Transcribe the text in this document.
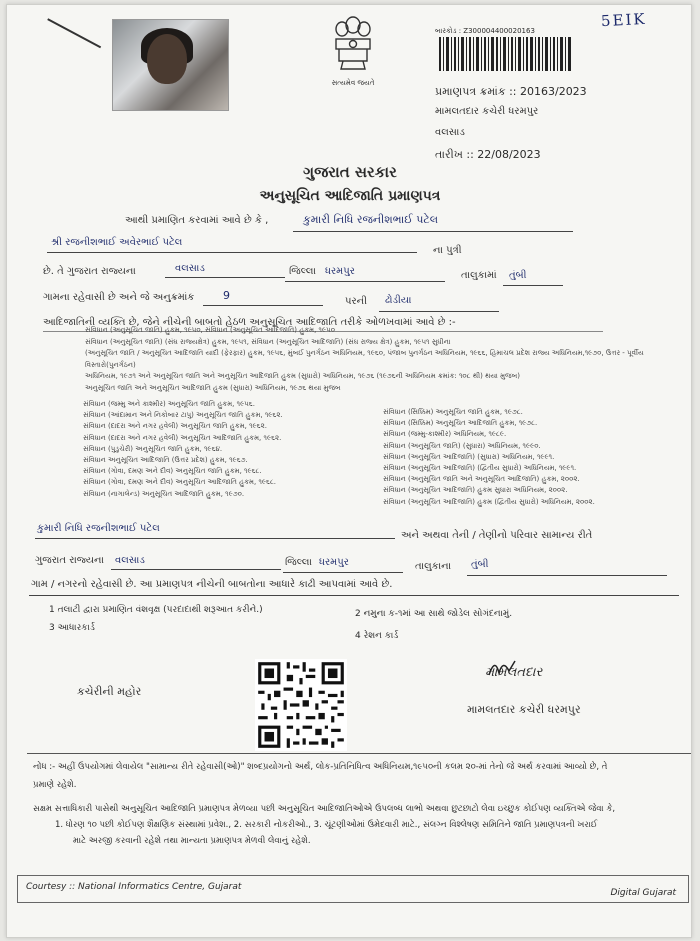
5EIK
સત્યમેવ જયતે
બારકોડ : Z300004400020163
પ્રમાણપત્ર ક્રમાંક :: 20163/2023
મામલતદાર કચેરી ધરમપુર
વલસાડ
તારીખ :: 22/08/2023
ગુજરાત સરકાર
અનુસૂચિત આદિજાતિ પ્રમાણપત્ર
આથી પ્રમાણિત કરવામાં આવે છે કે ,	કુમારી નિધિ રજનીશભાઈ પટેલ
શ્રી રજનીશભાઈ અવેરભાઈ પટેલ
ના પુત્રી
છે. તે ગુજરાત રાજ્યના	વલસાડ	જિલ્લા ધરમપુર	તાલુકામાં તુંબી
ગામના રહેવાસી છે અને જે અનુક્રમાંક	9	પરની ઢોડીયા
આદિજાતિની વ્યક્તિ છે, જેને નીચેની બાબતો હેઠળ અનુસૂચિત આદિજાતિ તરીકે ઓળખવામાં આવે છે :-
સંવિધાન (અનુસૂચિત જાતિ) હુકમ, ૧૯૫૦, સંવિધાન (અનુસૂચિત આદિજાતિ) હુકમ, ૧૯૫૦
સંવિધાન (અનુસૂચિત જાતિ) (સંઘ રાજ્યક્ષેત્ર) હુકમ, ૧૯૫૧, સંવિધાન (અનુસૂચિત આદિજાતિ) (સંઘ રાજ્ય ક્ષેત્ર) હુકમ, ૧૯૫૧ સુધીના
(અનુસૂચિત જાતિ / અનુસૂચિત આદિજાતિ યાદી (ફેરફાર) હુકમ, ૧૯૫૬, મુંબઈ પુનર્ગઠન અધિનિયમ, ૧૯૬૦, પંજાબ પુનર્ગઠન અધિનિયમ, ૧૯૬૬, હિમાચલ પ્રદેશ રાજ્ય અધિનિયમ,૧૯૭૦, ઉત્તર - પૂર્વીય વિસ્તારો(પુનર્ગઠન)
અધિનિયમ, ૧૯૭૧ અને અનુસૂચિત જાતિ અને અનુસૂચિત આદિજાતિ હુકમ (સુધારો) અધિનિયમ, ૧૯૭૬ (૧૯૭૬ની અધિનિયમ ક્રમાંક: ૧૦૮ થી) થયા મુજબ)
અનુસૂચિત જાતિ અને અનુસૂચિત આદિજાતિ હુકમ (સુધારા) અધિનિયમ, ૧૯૭૬ થયા મુજબ
સંવિધાન (જમ્મુ અને કાશ્મીર) અનુસૂચિત જાતિ હુકમ, ૧૯૫૬.
સંવિધાન (આંદામાન અને નિકોબાર ટાપુ) અનુસૂચિત જાતિ હુકમ, ૧૯૬૨.
સંવિધાન (દાદરા અને નગર હવેલી) અનુસૂચિત જાતિ હુકમ, ૧૯૬૨.
સંવિધાન (દાદરા અને નગર હવેલી) અનુસૂચિત આદિજાતિ હુકમ, ૧૯૬૨.
સંવિધાન (પુડુચેરી) અનુસૂચિત જાતિ હુકમ, ૧૯૬૪.
સંવિધાન અનુસૂચિત આદિજાતિ (ઉત્તર પ્રદેશ) હુકમ, ૧૯૬૭.
સંવિધાન (ગોવા, દમણ અને દીવ) અનુસૂચિત જાતિ હુકમ, ૧૯૬૮.
સંવિધાન (ગોવા, દમણ અને દીવ) અનુસૂચિત આદિજાતિ હુકમ, ૧૯૬૮.
સંવિધાન (નાગાલેન્ડ) અનુસૂચિત આદિજાતિ હુકમ, ૧૯૭૦.
સંવિધાન (સિક્કિમ) અનુસૂચિત જાતિ હુકમ, ૧૯૭૮.
સંવિધાન (સિક્કિમ) અનુસૂચિત આદિજાતિ હુકમ, ૧૯૭૮.
સંવિધાન (જમ્મુ-કાશ્મીર) અધિનિયમ, ૧૯૮૯.
સંવિધાન (અનુસૂચિત જાતિ) (સુધારા) અધિનિયમ, ૧૯૯૦.
સંવિધાન (અનુસૂચિત આદિજાતિ) (સુધારા) અધિનિયમ, ૧૯૯૧.
સંવિધાન (અનુસૂચિત આદિજાતિ) (દ્વિતીય સુધારો) અધિનિયમ, ૧૯૯૧.
સંવિધાન (અનુસૂચિત જાતિ અને અનુસૂચિત આદિજાતિ) હુકમ, ૨૦૦૨.
સંવિધાન (અનુસૂચિત આદિજાતિ) હુકમ સુધારા અધિનિયમ, ૨૦૦૨.
સંવિધાન (અનુસૂચિત આદિજાતિ) હુકમ (દ્વિતીય સુધારો) અધિનિયમ, ૨૦૦૨.
કુમારી નિધિ રજનીશભાઈ પટેલ
અને અથવા તેની / તેણીનો પરિવાર સામાન્ય રીતે
ગુજરાત રાજ્યના વલસાડ	જિલ્લા ધરમપુર	તાલુકાના તુંબી
ગામ / નગરનો રહેવાસી છે. આ પ્રમાણપત્ર નીચેની બાબતોના આધારે કાઢી આપવામાં આવે છે.
1 તલાટી દ્વારા પ્રમાણિત વંશવૃક્ષ (પરદાદાથી શરૂઆત કરીને.)	2 નમુના ક-૧માં આ સાથે જોડેલ સોગંદનામું.
3 આધારકાર્ડ
4 રેશન કાર્ડ
કચેરીની મહોર
મામલતદાર
મામલતદાર કચેરી ધરમપુર
નોંધ :- અહીં ઉપયોગમાં લેવાયેલ "સામાન્ય રીતે રહેવાસી(ઓ)" શબ્દપ્રયોગનો અર્થ, લોક-પ્રતિનિધિત્વ અધિનિયમ,૧૯૫૦ની કલમ ૨૦-માં તેનો જે અર્થ કરવામાં આવ્યો છે, તે
પ્રમાણે રહેશે.
સક્ષમ સત્તાધિકારી પાસેથી અનુસૂચિત આદિજાતિ પ્રમાણપત્ર મેળવ્યા પછી અનુસૂચિત આદિજાતિઓએ ઉપલબ્ધ લાભો અથવા છુટછાટો લેવા ઇચ્છુક કોઈપણ વ્યક્તિએ જેવા કે,
1. ધોરણ ૧૦ પછી કોઈપણ શૈક્ષણિક સંસ્થામાં પ્રવેશ., 2. સરકારી નોકરીઓ., 3. ચૂંટણીઓમાં ઉમેદવારી માટે., સંલગ્ન વિશ્લેષણ સમિતિને જાતિ પ્રમાણપત્રની ખરાઈ
માટે અરજી કરવાની રહેશે તથા માન્યતા પ્રમાણપત્ર મેળવી લેવાનું રહેશે.
Courtesy :: National Informatics Centre, Gujarat
Digital Gujarat
